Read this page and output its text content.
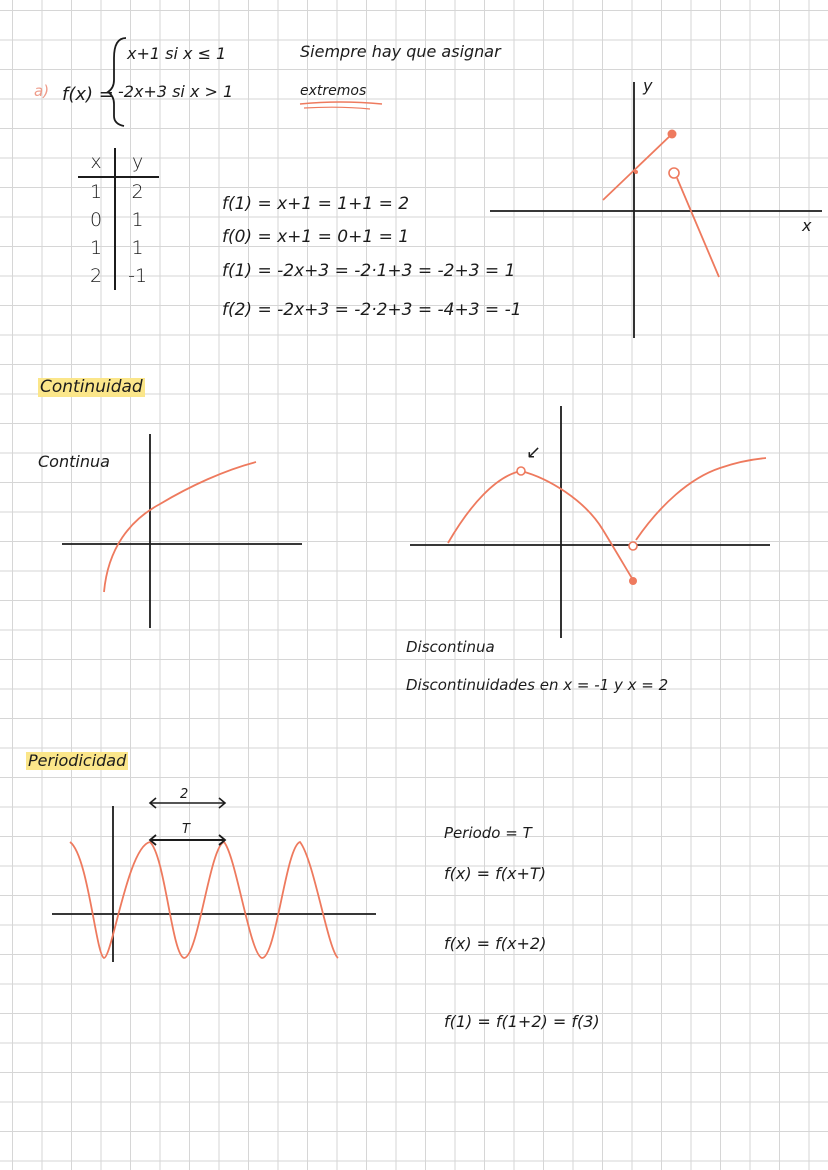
a) f(x) =
x+1 si x ≤ 1
-2x+3 si x > 1
Siempre hay que asignar
extremos
x	y
1	2
0	1
1	1
2	-1
f(1) = x+1 = 1+1 = 2
f(0) = x+1 = 0+1 = 1
f(1) = -2x+3 = -2·1+3 = -2+3 = 1
f(2) = -2x+3 = -2·2+3 = -4+3 = -1
y
x
Continuidad
Continua	↙
Discontinua
Discontinuidades en x = -1 y x = 2
Periodicidad
2
T	Periodo = T
f(x) = f(x+T)
f(x) = f(x+2)
f(1) = f(1+2) = f(3)
